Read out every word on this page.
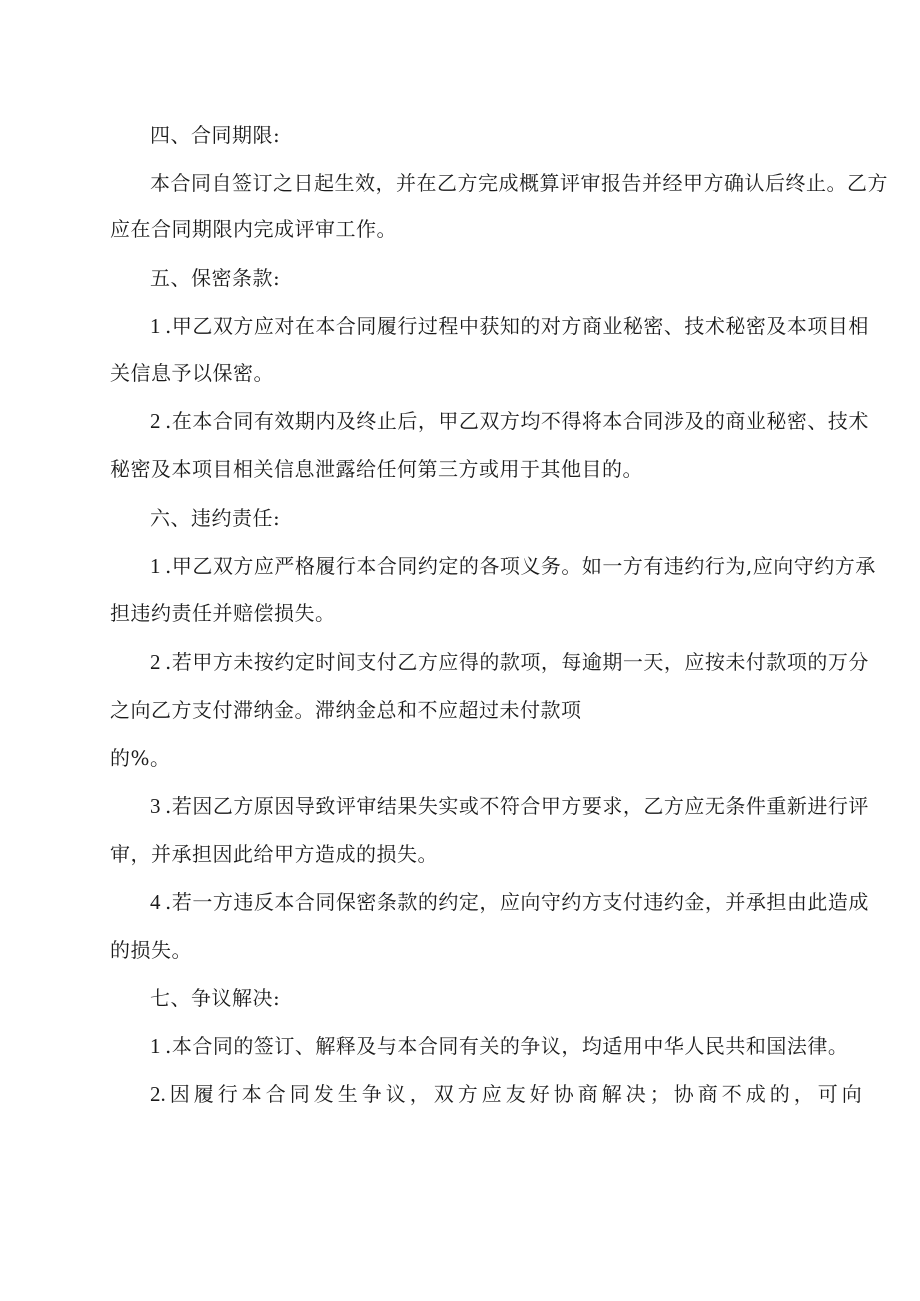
四、合同期限:
本合同自签订之日起生效，并在乙方完成概算评审报告并经甲方确认后终止。乙方
应在合同期限内完成评审工作。
五、保密条款:
1 .甲乙双方应对在本合同履行过程中获知的对方商业秘密、技术秘密及本项目相
关信息予以保密。
2 .在本合同有效期内及终止后，甲乙双方均不得将本合同涉及的商业秘密、技术
秘密及本项目相关信息泄露给任何第三方或用于其他目的。
六、违约责任:
1 .甲乙双方应严格履行本合同约定的各项义务。如一方有违约行为,应向守约方承
担违约责任并赔偿损失。
2 .若甲方未按约定时间支付乙方应得的款项，每逾期一天，应按未付款项的万分
之向乙方支付滞纳金。滞纳金总和不应超过未付款项
的%。
3 .若因乙方原因导致评审结果失实或不符合甲方要求，乙方应无条件重新进行评
审，并承担因此给甲方造成的损失。
4 .若一方违反本合同保密条款的约定，应向守约方支付违约金，并承担由此造成
的损失。
七、争议解决:
1 .本合同的签订、解释及与本合同有关的争议，均适用中华人民共和国法律。
2. 因履行本合同发生争议，双方应友好协商解决；协商不成的，可向
